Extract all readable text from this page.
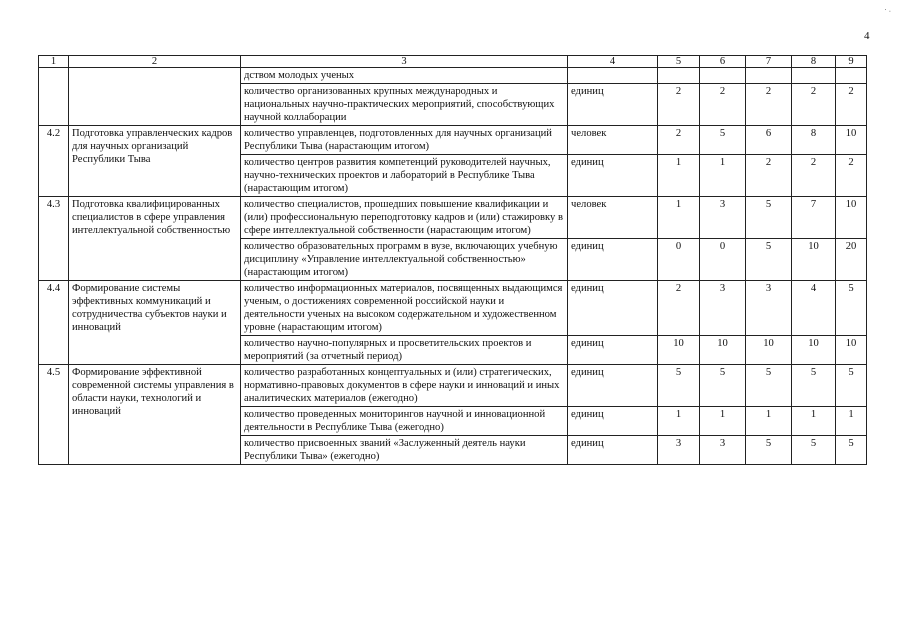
· ·
4
1	2	3	4	5	6	7	8	9
		дством молодых ученых						
		количество организованных крупных международных и национальных научно-практических мероприятий, способствующих научной коллаборации	единиц	2	2	2	2	2
4.2	Подготовка управленческих кадров для научных организаций Республики Тыва	количество управленцев, подготовленных для научных организаций Республики Тыва (нарастающим итогом)	человек	2	5	6	8	10
		количество центров развития компетенций руководителей научных, научно-технических проектов и лабораторий в Республике Тыва (нарастающим итогом)	единиц	1	1	2	2	2
4.3	Подготовка квалифицированных специалистов в сфере управления интеллектуальной собственностью	количество специалистов, прошедших повышение квалификации и (или) профессиональную переподготовку кадров и (или) стажировку в сфере интеллектуальной собственности (нарастающим итогом)	человек	1	3	5	7	10
		количество образовательных программ в вузе, включающих учебную дисциплину «Управление интеллектуальной собственностью» (нарастающим итогом)	единиц	0	0	5	10	20
4.4	Формирование системы эффективных коммуникаций и сотрудничества субъектов науки и инноваций	количество информационных материалов, посвященных выдающимся ученым, о достижениях современной российской науки и деятельности ученых на высоком содержательном и художественном уровне (нарастающим итогом)	единиц	2	3	3	4	5
		количество научно-популярных и просветительских проектов и мероприятий (за отчетный период)	единиц	10	10	10	10	10
4.5	Формирование эффективной современной системы управления в области науки, технологий и инноваций	количество разработанных концептуальных и (или) стратегических, нормативно-правовых документов в сфере науки и инноваций и иных аналитических материалов (ежегодно)	единиц	5	5	5	5	5
		количество проведенных мониторингов научной и инновационной деятельности в Республике Тыва (ежегодно)	единиц	1	1	1	1	1
		количество присвоенных званий «Заслуженный деятель науки Республики Тыва» (ежегодно)	единиц	3	3	5	5	5
